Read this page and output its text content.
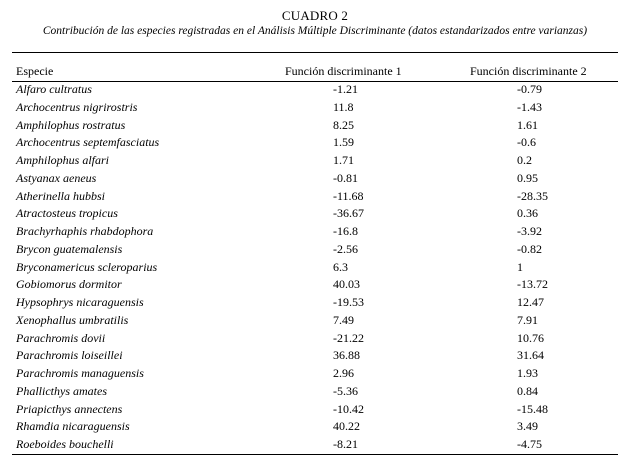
CUADRO 2
Contribución de las especies registradas en el Análisis Múltiple Discriminante (datos estandarizados entre varianzas)
Especie	Función discriminante 1	Función discriminante 2
Alfaro cultratus	-1.21	-0.79
Archocentrus nigrirostris	11.8	-1.43
Amphilophus rostratus	8.25	1.61
Archocentrus septemfasciatus	1.59	-0.6
Amphilophus alfari	1.71	0.2
Astyanax aeneus	-0.81	0.95
Atherinella hubbsi	-11.68	-28.35
Atractosteus tropicus	-36.67	0.36
Brachyrhaphis rhabdophora	-16.8	-3.92
Brycon guatemalensis	-2.56	-0.82
Bryconamericus scleroparius	6.3	1
Gobiomorus dormitor	40.03	-13.72
Hypsophrys nicaraguensis	-19.53	12.47
Xenophallus umbratilis	7.49	7.91
Parachromis dovii	-21.22	10.76
Parachromis loiseillei	36.88	31.64
Parachromis managuensis	2.96	1.93
Phallicthys amates	-5.36	0.84
Priapicthys annectens	-10.42	-15.48
Rhamdia nicaraguensis	40.22	3.49
Roeboides bouchelli	-8.21	-4.75
